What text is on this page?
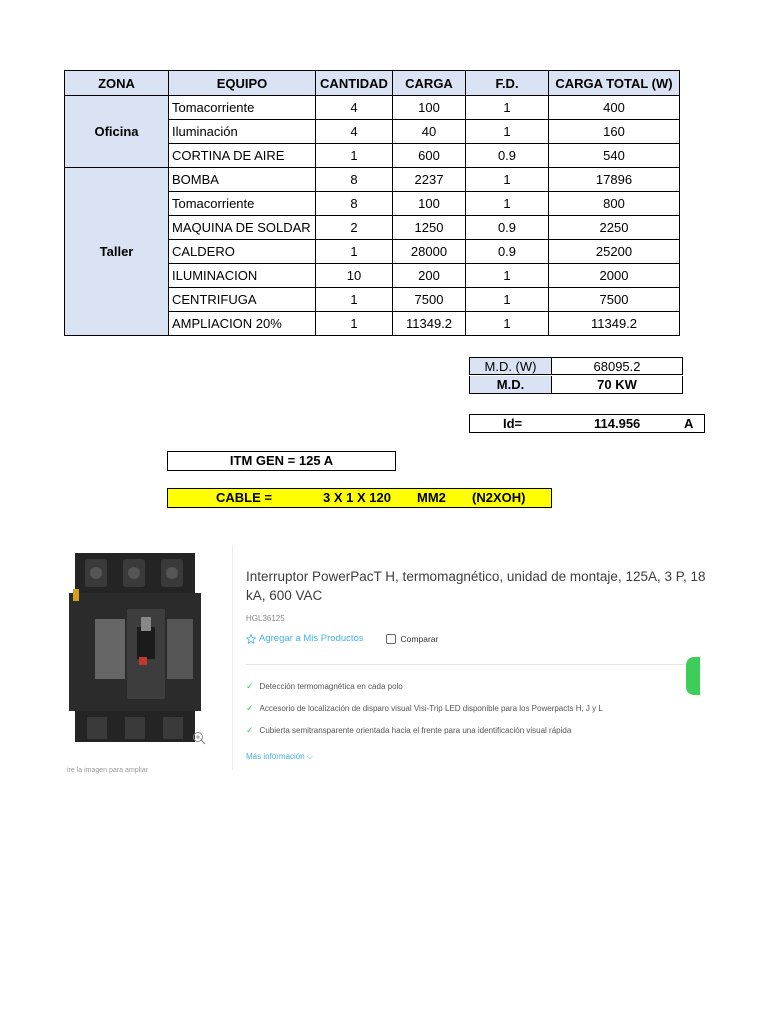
ZONA	EQUIPO	CANTIDAD	CARGA	F.D.	CARGA TOTAL (W)
Oficina	Tomacorriente	4	100	1	400
	Iluminación	4	40	1	160
	CORTINA DE AIRE	1	600	0.9	540
Taller	BOMBA	8	2237	1	17896
	Tomacorriente	8	100	1	800
	MAQUINA DE SOLDAR	2	1250	0.9	2250
	CALDERO	1	28000	0.9	25200
	ILUMINACION	10	200	1	2000
	CENTRIFUGA	1	7500	1	7500
	AMPLIACION 20%	1	11349.2	1	11349.2
M.D. (W)	68095.2
M.D.	70 KW
Id=	114.956	A
ITM GEN = 125 A
CABLE =	3 X 1 X 120 MM2 (N2XOH)
ire la imagen para ampliar
Interruptor PowerPacT H, termomagnético, unidad de montaje, 125A, 3 P, 18 kA, 600 VAC
HGL36125
Agregar a Mis Productos	Comparar
✓ Detección termomagnética en cada polo
✓ Accesorio de localización de disparo visual Visi-Trip LED disponible para los Powerpacts H, J y L
✓ Cubierta semitransparente orientada hacia el frente para una identificación visual rápida
Más información ⌵
